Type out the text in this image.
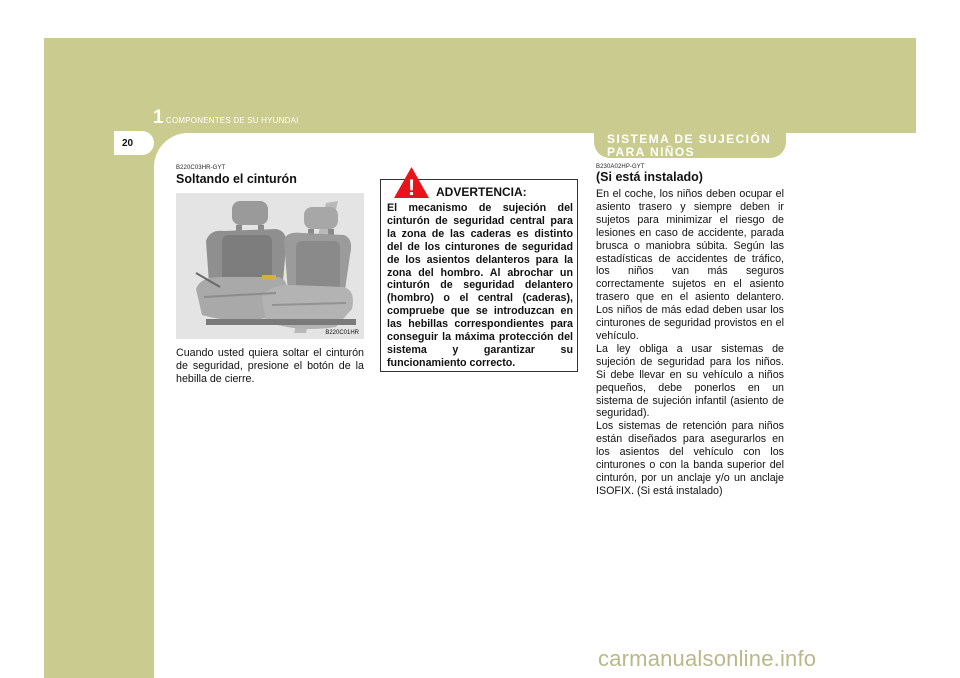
1 COMPONENTES DE SU HYUNDAI
20
B220C03HR-GYT
Soltando el cinturón
B220C01HR

Cuando usted quiera soltar el cinturón de seguridad, presione el botón de la hebilla de cierre.

! ADVERTENCIA:

El mecanismo de sujeción del cinturón de seguridad central para la zona de las caderas es distinto del de los cinturones de seguridad de los asientos delanteros para la zona del hombro. Al abrochar un cinturón de seguridad delantero (hombro) o el central (caderas), compruebe que se introduzcan en las hebillas correspondientes para conseguir la máxima protección del sistema y garantizar su funcionamiento correcto.

SISTEMA DE SUJECIÓN PARA NIÑOS
B230A02HP-GYT
(Si está instalado)

En el coche, los niños deben ocupar el asiento trasero y siempre deben ir sujetos para minimizar el riesgo de lesiones en caso de accidente, parada brusca o maniobra súbita. Según las estadísticas de accidentes de tráfico, los niños van más seguros correctamente sujetos en el asiento trasero que en el asiento delantero. Los niños de más edad deben usar los cinturones de seguridad provistos en el vehículo.
La ley obliga a usar sistemas de sujeción de seguridad para los niños. Si debe llevar en su vehículo a niños pequeños, debe ponerlos en un sistema de sujeción infantil (asiento de seguridad).
Los sistemas de retención para niños están diseñados para asegurarlos en los asientos del vehículo con los cinturones o con la banda superior del cinturón, por un anclaje y/o un anclaje ISOFIX. (Si está instalado)

carmanualsonline.info
